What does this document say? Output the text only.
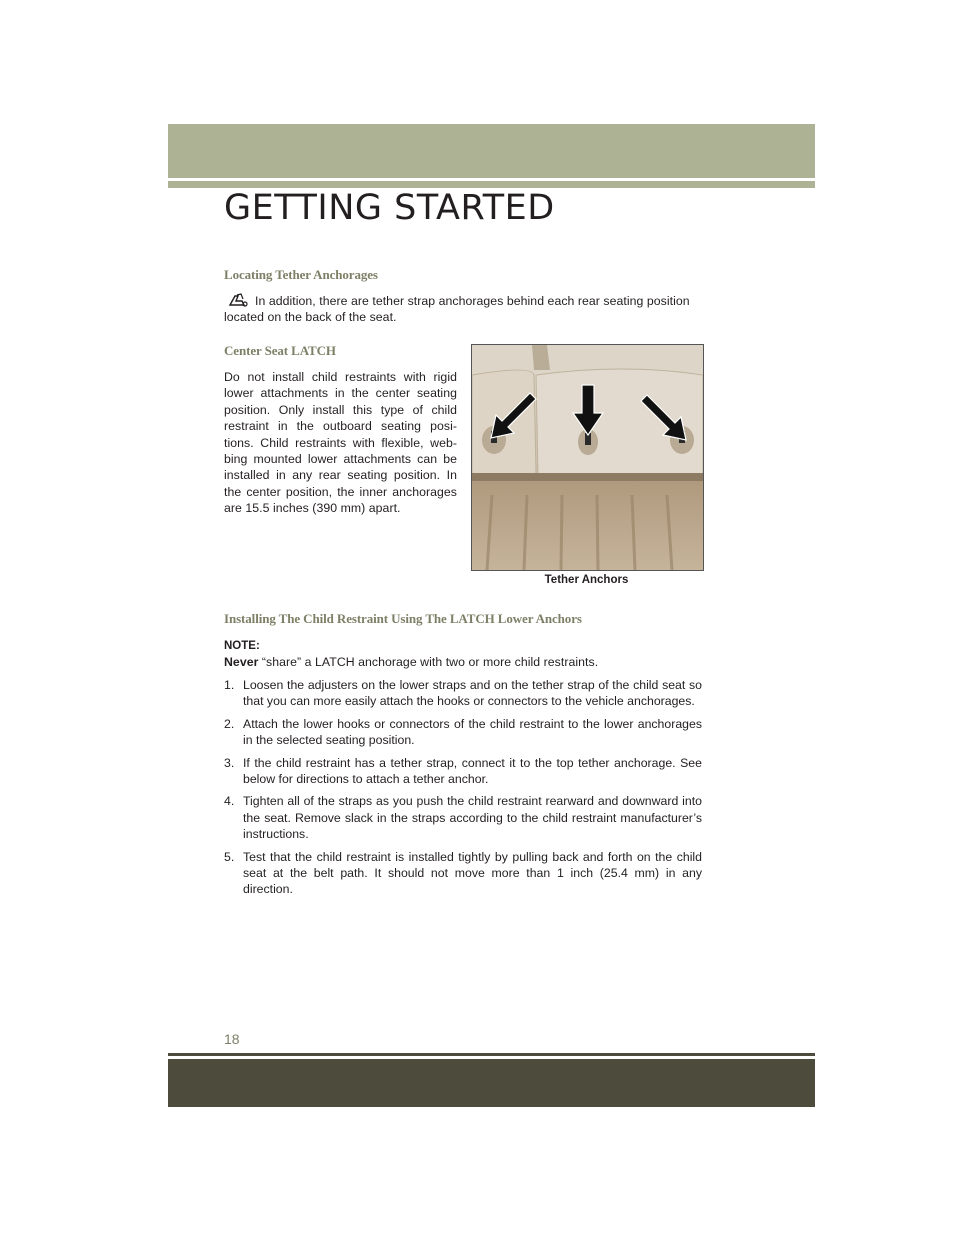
GETTING STARTED
Locating Tether Anchorages
In addition, there are tether strap anchorages behind each rear seating position located on the back of the seat.
Center Seat LATCH
Do not install child restraints with rigid lower attachments in the center seating position. Only install this type of child restraint in the outboard seating posi-tions. Child restraints with flexible, web-bing mounted lower attachments can be installed in any rear seating position. In the center position, the inner anchorages are 15.5 inches (390 mm) apart.
Tether Anchors
Installing The Child Restraint Using The LATCH Lower Anchors
NOTE:
Never “share” a LATCH anchorage with two or more child restraints.
1. Loosen the adjusters on the lower straps and on the tether strap of the child seat so that you can more easily attach the hooks or connectors to the vehicle anchorages.
2. Attach the lower hooks or connectors of the child restraint to the lower anchorages in the selected seating position.
3. If the child restraint has a tether strap, connect it to the top tether anchorage. See below for directions to attach a tether anchor.
4. Tighten all of the straps as you push the child restraint rearward and downward into the seat. Remove slack in the straps according to the child restraint manufacturer’s instructions.
5. Test that the child restraint is installed tightly by pulling back and forth on the child seat at the belt path. It should not move more than 1 inch (25.4 mm) in any direction.
18
